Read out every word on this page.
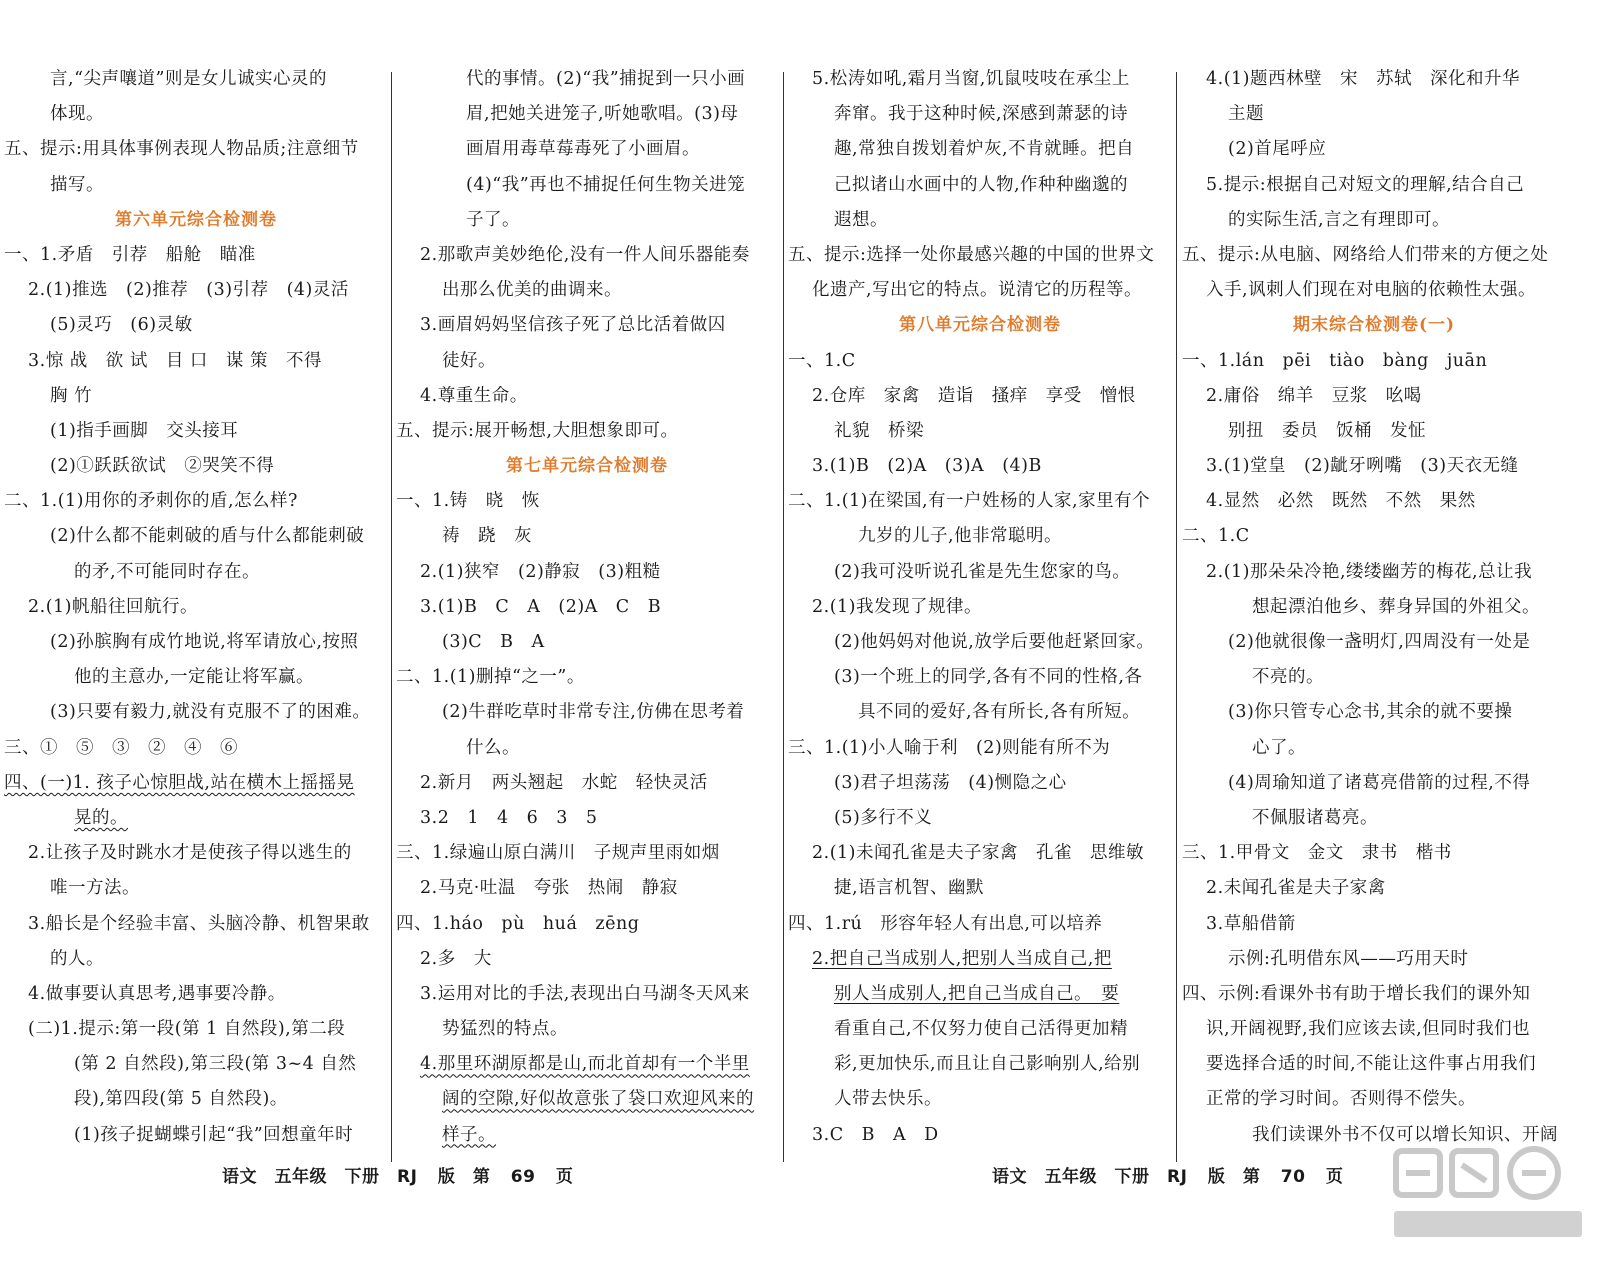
言,“尖声嚷道”则是女儿诚实心灵的
体现。
五、提示:用具体事例表现人物品质;注意细节
描写。
第六单元综合检测卷
一、1.矛盾　引荐　船舱　瞄准
2.(1)推选　(2)推荐　(3)引荐　(4)灵活
(5)灵巧　(6)灵敏
3.惊 战　欲 试　目 口　谋 策　不得
胸 竹
(1)指手画脚　交头接耳
(2)①跃跃欲试　②哭笑不得
二、1.(1)用你的矛刺你的盾,怎么样?
(2)什么都不能刺破的盾与什么都能刺破
的矛,不可能同时存在。
2.(1)帆船往回航行。
(2)孙膑胸有成竹地说,将军请放心,按照
他的主意办,一定能让将军赢。
(3)只要有毅力,就没有克服不了的困难。
三、①　⑤　③　②　④　⑥
四、(一)1. 孩子心惊胆战,站在横木上摇摇晃
晃的。
2.让孩子及时跳水才是使孩子得以逃生的
唯一方法。
3.船长是个经验丰富、头脑冷静、机智果敢
的人。
4.做事要认真思考,遇事要冷静。
(二)1.提示:第一段(第 1 自然段),第二段
(第 2 自然段),第三段(第 3~4 自然
段),第四段(第 5 自然段)。
(1)孩子捉蝴蝶引起“我”回想童年时
代的事情。(2)“我”捕捉到一只小画
眉,把她关进笼子,听她歌唱。(3)母
画眉用毒草莓毒死了小画眉。
(4)“我”再也不捕捉任何生物关进笼
子了。
2.那歌声美妙绝伦,没有一件人间乐器能奏
出那么优美的曲调来。
3.画眉妈妈坚信孩子死了总比活着做囚
徒好。
4.尊重生命。
五、提示:展开畅想,大胆想象即可。
第七单元综合检测卷
一、1.铸　晓　恢
祷　跷　灰
2.(1)狭窄　(2)静寂　(3)粗糙
3.(1)B　C　A　(2)A　C　B
(3)C　B　A
二、1.(1)删掉“之一”。
(2)牛群吃草时非常专注,仿佛在思考着
什么。
2.新月　两头翘起　水蛇　轻快灵活
3.2　1　4　6　3　5
三、1.绿遍山原白满川　子规声里雨如烟
2.马克·吐温　夸张　热闹　静寂
四、1.háo　pù　huá　zēng
2.多　大
3.运用对比的手法,表现出白马湖冬天风来
势猛烈的特点。
4.那里环湖原都是山,而北首却有一个半里
阔的空隙,好似故意张了袋口欢迎风来的
样子。
5.松涛如吼,霜月当窗,饥鼠吱吱在承尘上
奔窜。我于这种时候,深感到萧瑟的诗
趣,常独自拨划着炉灰,不肯就睡。把自
己拟诸山水画中的人物,作种种幽邈的
遐想。
五、提示:选择一处你最感兴趣的中国的世界文
化遗产,写出它的特点。说清它的历程等。
第八单元综合检测卷
一、1.C
2.仓库　家禽　造诣　搔痒　享受　憎恨
礼貌　桥梁
3.(1)B　(2)A　(3)A　(4)B
二、1.(1)在梁国,有一户姓杨的人家,家里有个
九岁的儿子,他非常聪明。
(2)我可没听说孔雀是先生您家的鸟。
2.(1)我发现了规律。
(2)他妈妈对他说,放学后要他赶紧回家。
(3)一个班上的同学,各有不同的性格,各
具不同的爱好,各有所长,各有所短。
三、1.(1)小人喻于利　(2)则能有所不为
(3)君子坦荡荡　(4)恻隐之心
(5)多行不义
2.(1)未闻孔雀是夫子家禽　孔雀　思维敏
捷,语言机智、幽默
四、1.rú　形容年轻人有出息,可以培养
2.把自己当成别人,把别人当成自己,把
别人当成别人,把自己当成自己。　要
看重自己,不仅努力使自己活得更加精
彩,更加快乐,而且让自己影响别人,给别
人带去快乐。
3.C　B　A　D
4.(1)题西林壁　宋　苏轼　深化和升华
主题
(2)首尾呼应
5.提示:根据自己对短文的理解,结合自己
的实际生活,言之有理即可。
五、提示:从电脑、网络给人们带来的方便之处
入手,讽刺人们现在对电脑的依赖性太强。
期末综合检测卷(一)
一、1.lán　pēi　tiào　bàng　juān
2.庸俗　绵羊　豆浆　吆喝
别扭　委员　饭桶　发怔
3.(1)堂皇　(2)龇牙咧嘴　(3)天衣无缝
4.显然　必然　既然　不然　果然
二、1.C
2.(1)那朵朵冷艳,缕缕幽芳的梅花,总让我
想起漂泊他乡、葬身异国的外祖父。
(2)他就很像一盏明灯,四周没有一处是
不亮的。
(3)你只管专心念书,其余的就不要操
心了。
(4)周瑜知道了诸葛亮借箭的过程,不得
不佩服诸葛亮。
三、1.甲骨文　金文　隶书　楷书
2.未闻孔雀是夫子家禽
3.草船借箭
示例:孔明借东风——巧用天时
四、示例:看课外书有助于增长我们的课外知
识,开阔视野,我们应该去读,但同时我们也
要选择合适的时间,不能让这件事占用我们
正常的学习时间。否则得不偿失。
我们读课外书不仅可以增长知识、开阔
语文　五年级　下册　RJ 版　第 69 页	语文　五年级　下册　RJ 版　第 70 页
